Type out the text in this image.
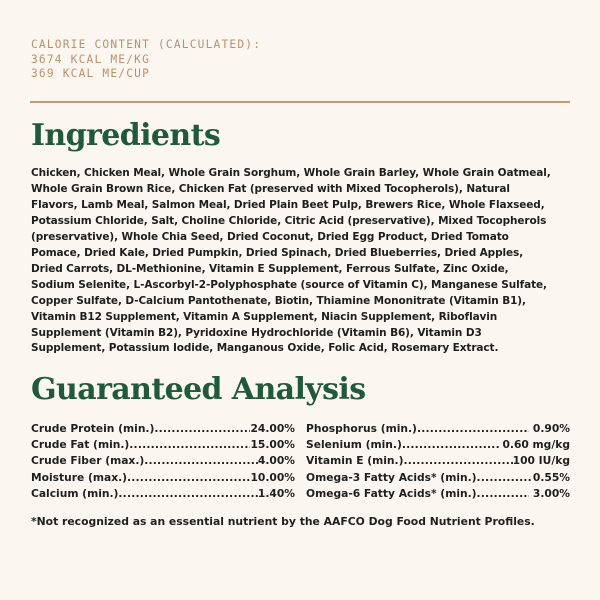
CALORIE CONTENT (CALCULATED):
3674 KCAL ME/KG
369 KCAL ME/CUP
Ingredients
Chicken, Chicken Meal, Whole Grain Sorghum, Whole Grain Barley, Whole Grain Oatmeal, Whole Grain Brown Rice, Chicken Fat (preserved with Mixed Tocopherols), Natural Flavors, Lamb Meal, Salmon Meal, Dried Plain Beet Pulp, Brewers Rice, Whole Flaxseed, Potassium Chloride, Salt, Choline Chloride, Citric Acid (preservative), Mixed Tocopherols (preservative), Whole Chia Seed, Dried Coconut, Dried Egg Product, Dried Tomato Pomace, Dried Kale, Dried Pumpkin, Dried Spinach, Dried Blueberries, Dried Apples, Dried Carrots, DL-Methionine, Vitamin E Supplement, Ferrous Sulfate, Zinc Oxide, Sodium Selenite, L-Ascorbyl-2-Polyphosphate (source of Vitamin C), Manganese Sulfate, Copper Sulfate, D-Calcium Pantothenate, Biotin, Thiamine Mononitrate (Vitamin B1), Vitamin B12 Supplement, Vitamin A Supplement, Niacin Supplement, Riboflavin Supplement (Vitamin B2), Pyridoxine Hydrochloride (Vitamin B6), Vitamin D3 Supplement, Potassium Iodide, Manganous Oxide, Folic Acid, Rosemary Extract.
Guaranteed Analysis
Crude Protein (min.) .....	24.00%
Crude Fat (min.) .....	15.00%
Crude Fiber (max.) .....	4.00%
Moisture (max.) .....	10.00%
Calcium (min.) .....	1.40%
Phosphorus (min.) .....	0.90%
Selenium (min.) .....	0.60 mg/kg
Vitamin E (min.) .....	100 IU/kg
Omega-3 Fatty Acids* (min.) .....	0.55%
Omega-6 Fatty Acids* (min.) .....	3.00%
*Not recognized as an essential nutrient by the AAFCO Dog Food Nutrient Profiles.
